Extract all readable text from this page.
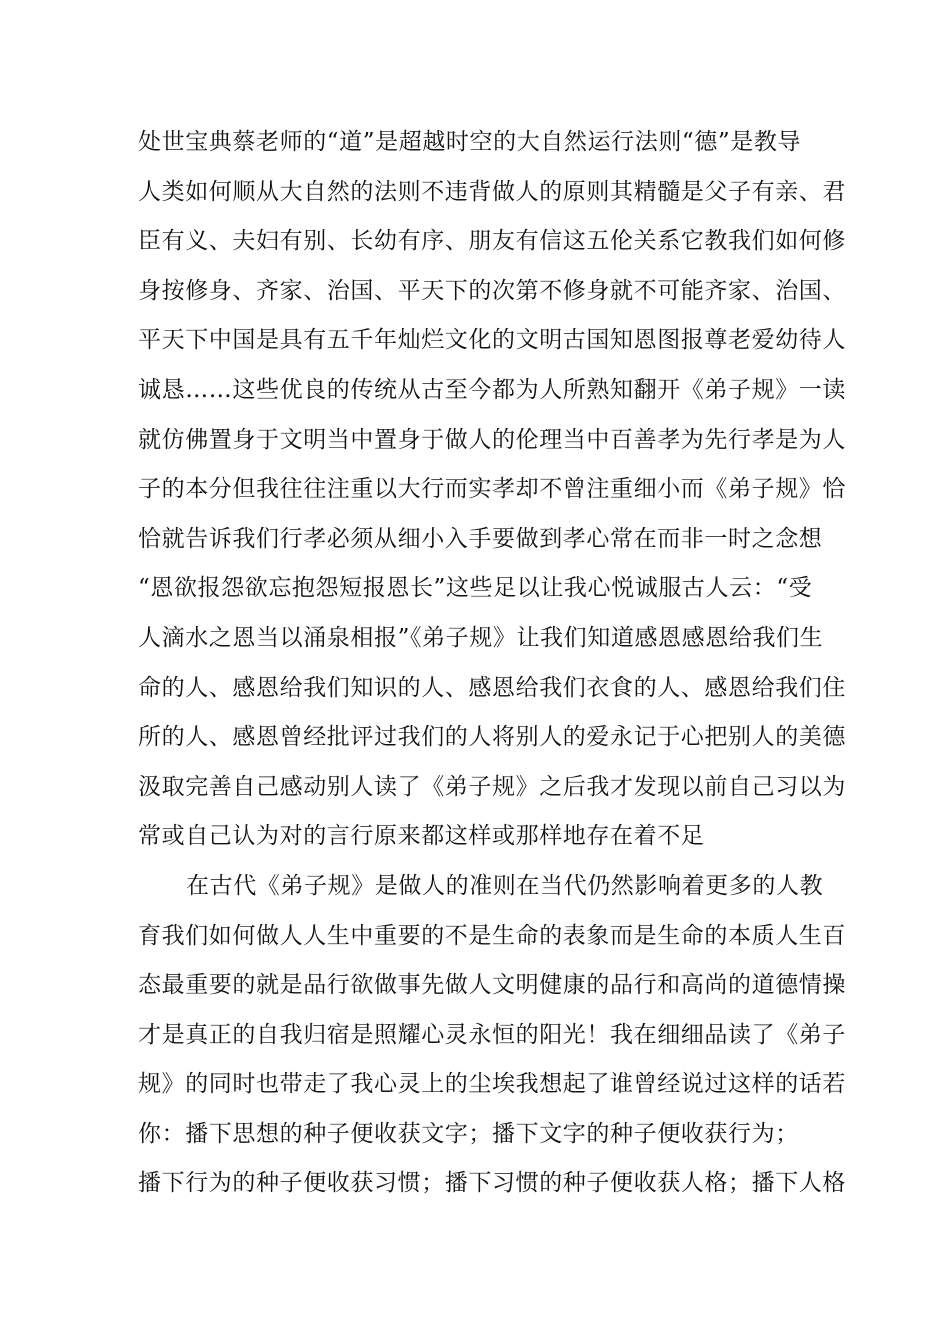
处世宝典蔡老师的“道”是超越时空的大自然运行法则“德”是教导
人类如何顺从大自然的法则不违背做人的原则其精髓是父子有亲、君
臣有义、夫妇有别、长幼有序、朋友有信这五伦关系它教我们如何修
身按修身、齐家、治国、平天下的次第不修身就不可能齐家、治国、
平天下中国是具有五千年灿烂文化的文明古国知恩图报尊老爱幼待人
诚恳……这些优良的传统从古至今都为人所熟知翻开《弟子规》一读
就仿佛置身于文明当中置身于做人的伦理当中百善孝为先行孝是为人
子的本分但我往往注重以大行而实孝却不曾注重细小而《弟子规》恰
恰就告诉我们行孝必须从细小入手要做到孝心常在而非一时之念想
“恩欲报怨欲忘抱怨短报恩长”这些足以让我心悦诚服古人云：“受
人滴水之恩当以涌泉相报”《弟子规》让我们知道感恩感恩给我们生
命的人、感恩给我们知识的人、感恩给我们衣食的人、感恩给我们住
所的人、感恩曾经批评过我们的人将别人的爱永记于心把别人的美德
汲取完善自己感动别人读了《弟子规》之后我才发现以前自己习以为
常或自己认为对的言行原来都这样或那样地存在着不足
在古代《弟子规》是做人的准则在当代仍然影响着更多的人教
育我们如何做人人生中重要的不是生命的表象而是生命的本质人生百
态最重要的就是品行欲做事先做人文明健康的品行和高尚的道德情操
才是真正的自我归宿是照耀心灵永恒的阳光！我在细细品读了《弟子
规》的同时也带走了我心灵上的尘埃我想起了谁曾经说过这样的话若
你：播下思想的种子便收获文字；播下文字的种子便收获行为；
播下行为的种子便收获习惯；播下习惯的种子便收获人格；播下人格
